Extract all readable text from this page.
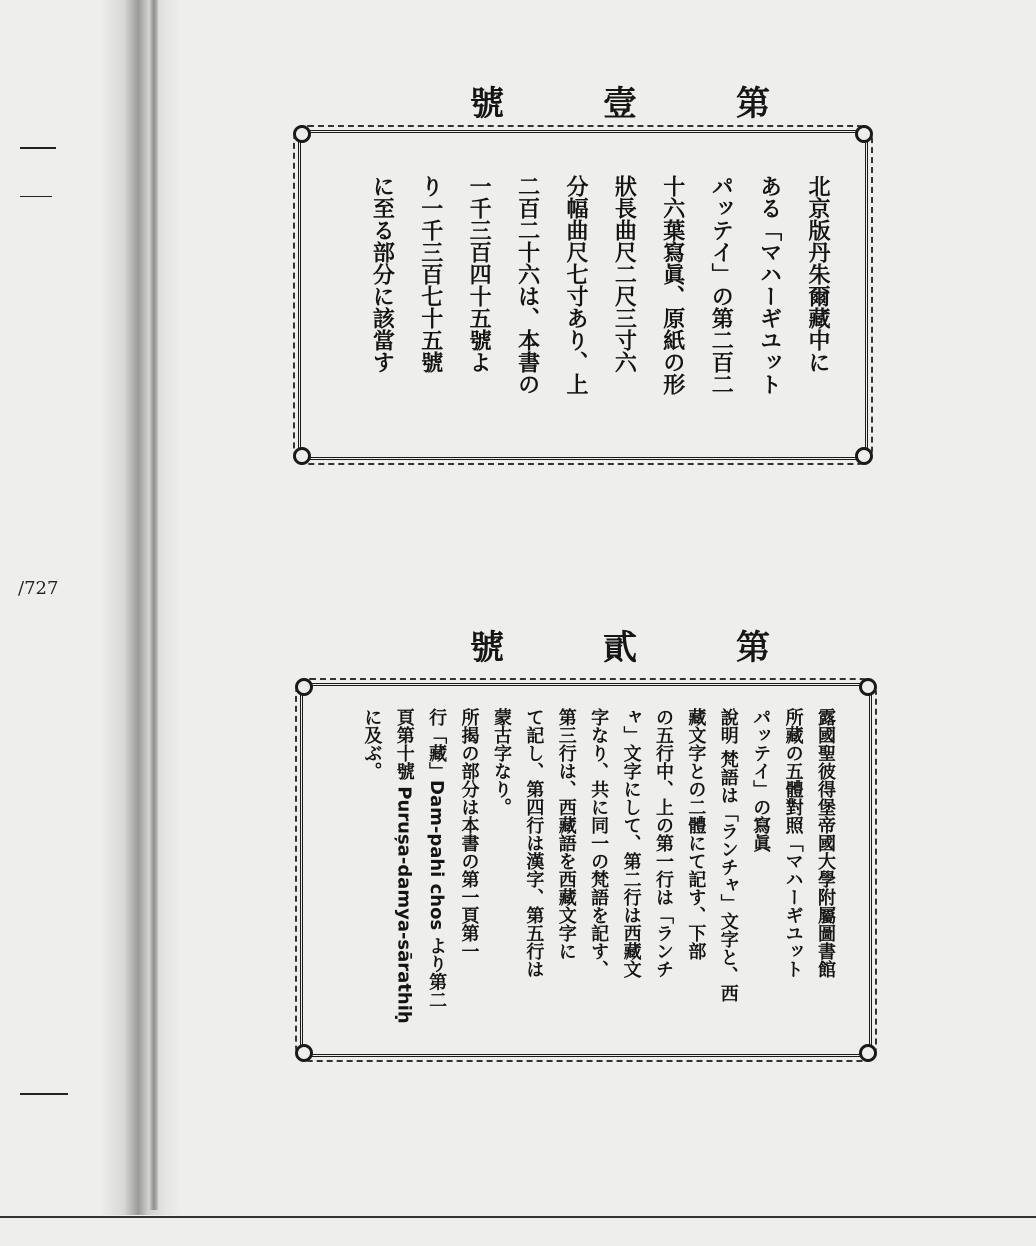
/727
號	壹	第
北京版丹朱爾藏中に
ある「マハーギユット
パッテイ」の第二百二
十六葉寫眞、原紙の形
狀長曲尺二尺三寸六
分幅曲尺七寸あり、上
二百二十六は、本書の
一千三百四十五號よ
り一千三百七十五號
に至る部分に該當す
號	貳	第
露國聖彼得堡帝國大學附屬圖書館
所藏の五體對照「マハーギユット
パッテイ」の寫眞
說明 梵語は「ランチャ」文字と、西
藏文字との二體にて記す、下部
の五行中、上の第一行は「ランチ
ャ」文字にして、第二行は西藏文
字なり、共に同一の梵語を記す、
第三行は、西藏語を西藏文字に
て記し、第四行は漢字、第五行は
蒙古字なり。
所揭の部分は本書の第一頁第一
行「藏」Dam-pahi chos より第二
頁第十號 Purușa-damya-sārathiḥ
に及ぶ。
